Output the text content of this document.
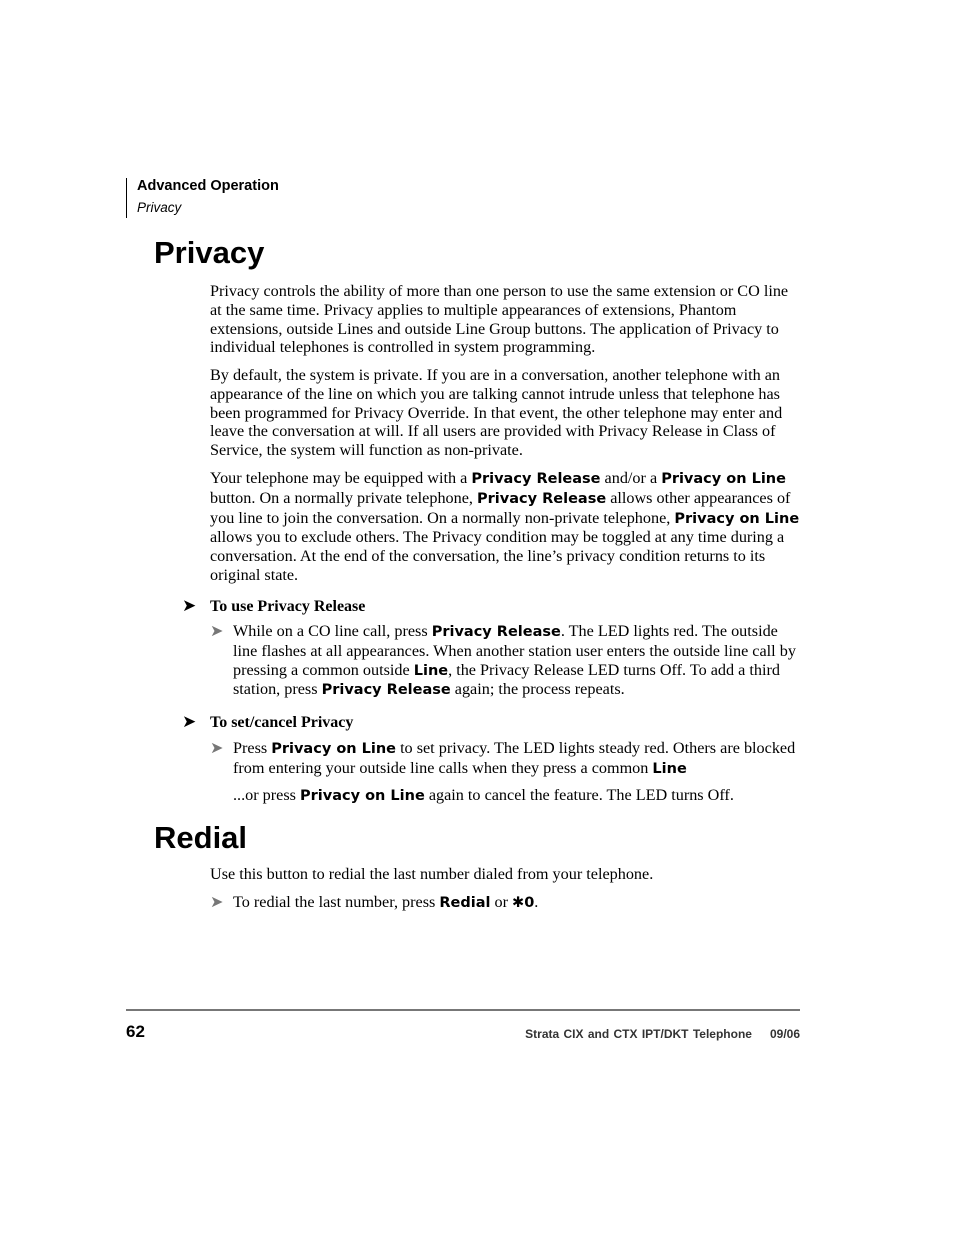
Advanced Operation
Privacy
Privacy

Privacy controls the ability of more than one person to use the same extension or CO line at the same time. Privacy applies to multiple appearances of extensions, Phantom extensions, outside Lines and outside Line Group buttons. The application of Privacy to individual telephones is controlled in system programming.

By default, the system is private. If you are in a conversation, another telephone with an appearance of the line on which you are talking cannot intrude unless that telephone has been programmed for Privacy Override. In that event, the other telephone may enter and leave the conversation at will. If all users are provided with Privacy Release in Class of Service, the system will function as non-private.

Your telephone may be equipped with a Privacy Release and/or a Privacy on Line button. On a normally private telephone, Privacy Release allows other appearances of you line to join the conversation. On a normally non-private telephone, Privacy on Line allows you to exclude others. The Privacy condition may be toggled at any time during a conversation. At the end of the conversation, the line’s privacy condition returns to its original state.

➤ To use Privacy Release
➤ While on a CO line call, press Privacy Release. The LED lights red. The outside line flashes at all appearances. When another station user enters the outside line call by pressing a common outside Line, the Privacy Release LED turns Off. To add a third station, press Privacy Release again; the process repeats.
➤ To set/cancel Privacy
➤ Press Privacy on Line to set privacy. The LED lights steady red. Others are blocked from entering your outside line calls when they press a common Line
...or press Privacy on Line again to cancel the feature. The LED turns Off.
Redial

Use this button to redial the last number dialed from your telephone.

➤ To redial the last number, press Redial or ✱0.
62	Strata CIX and CTX IPT/DKT Telephone 09/06
